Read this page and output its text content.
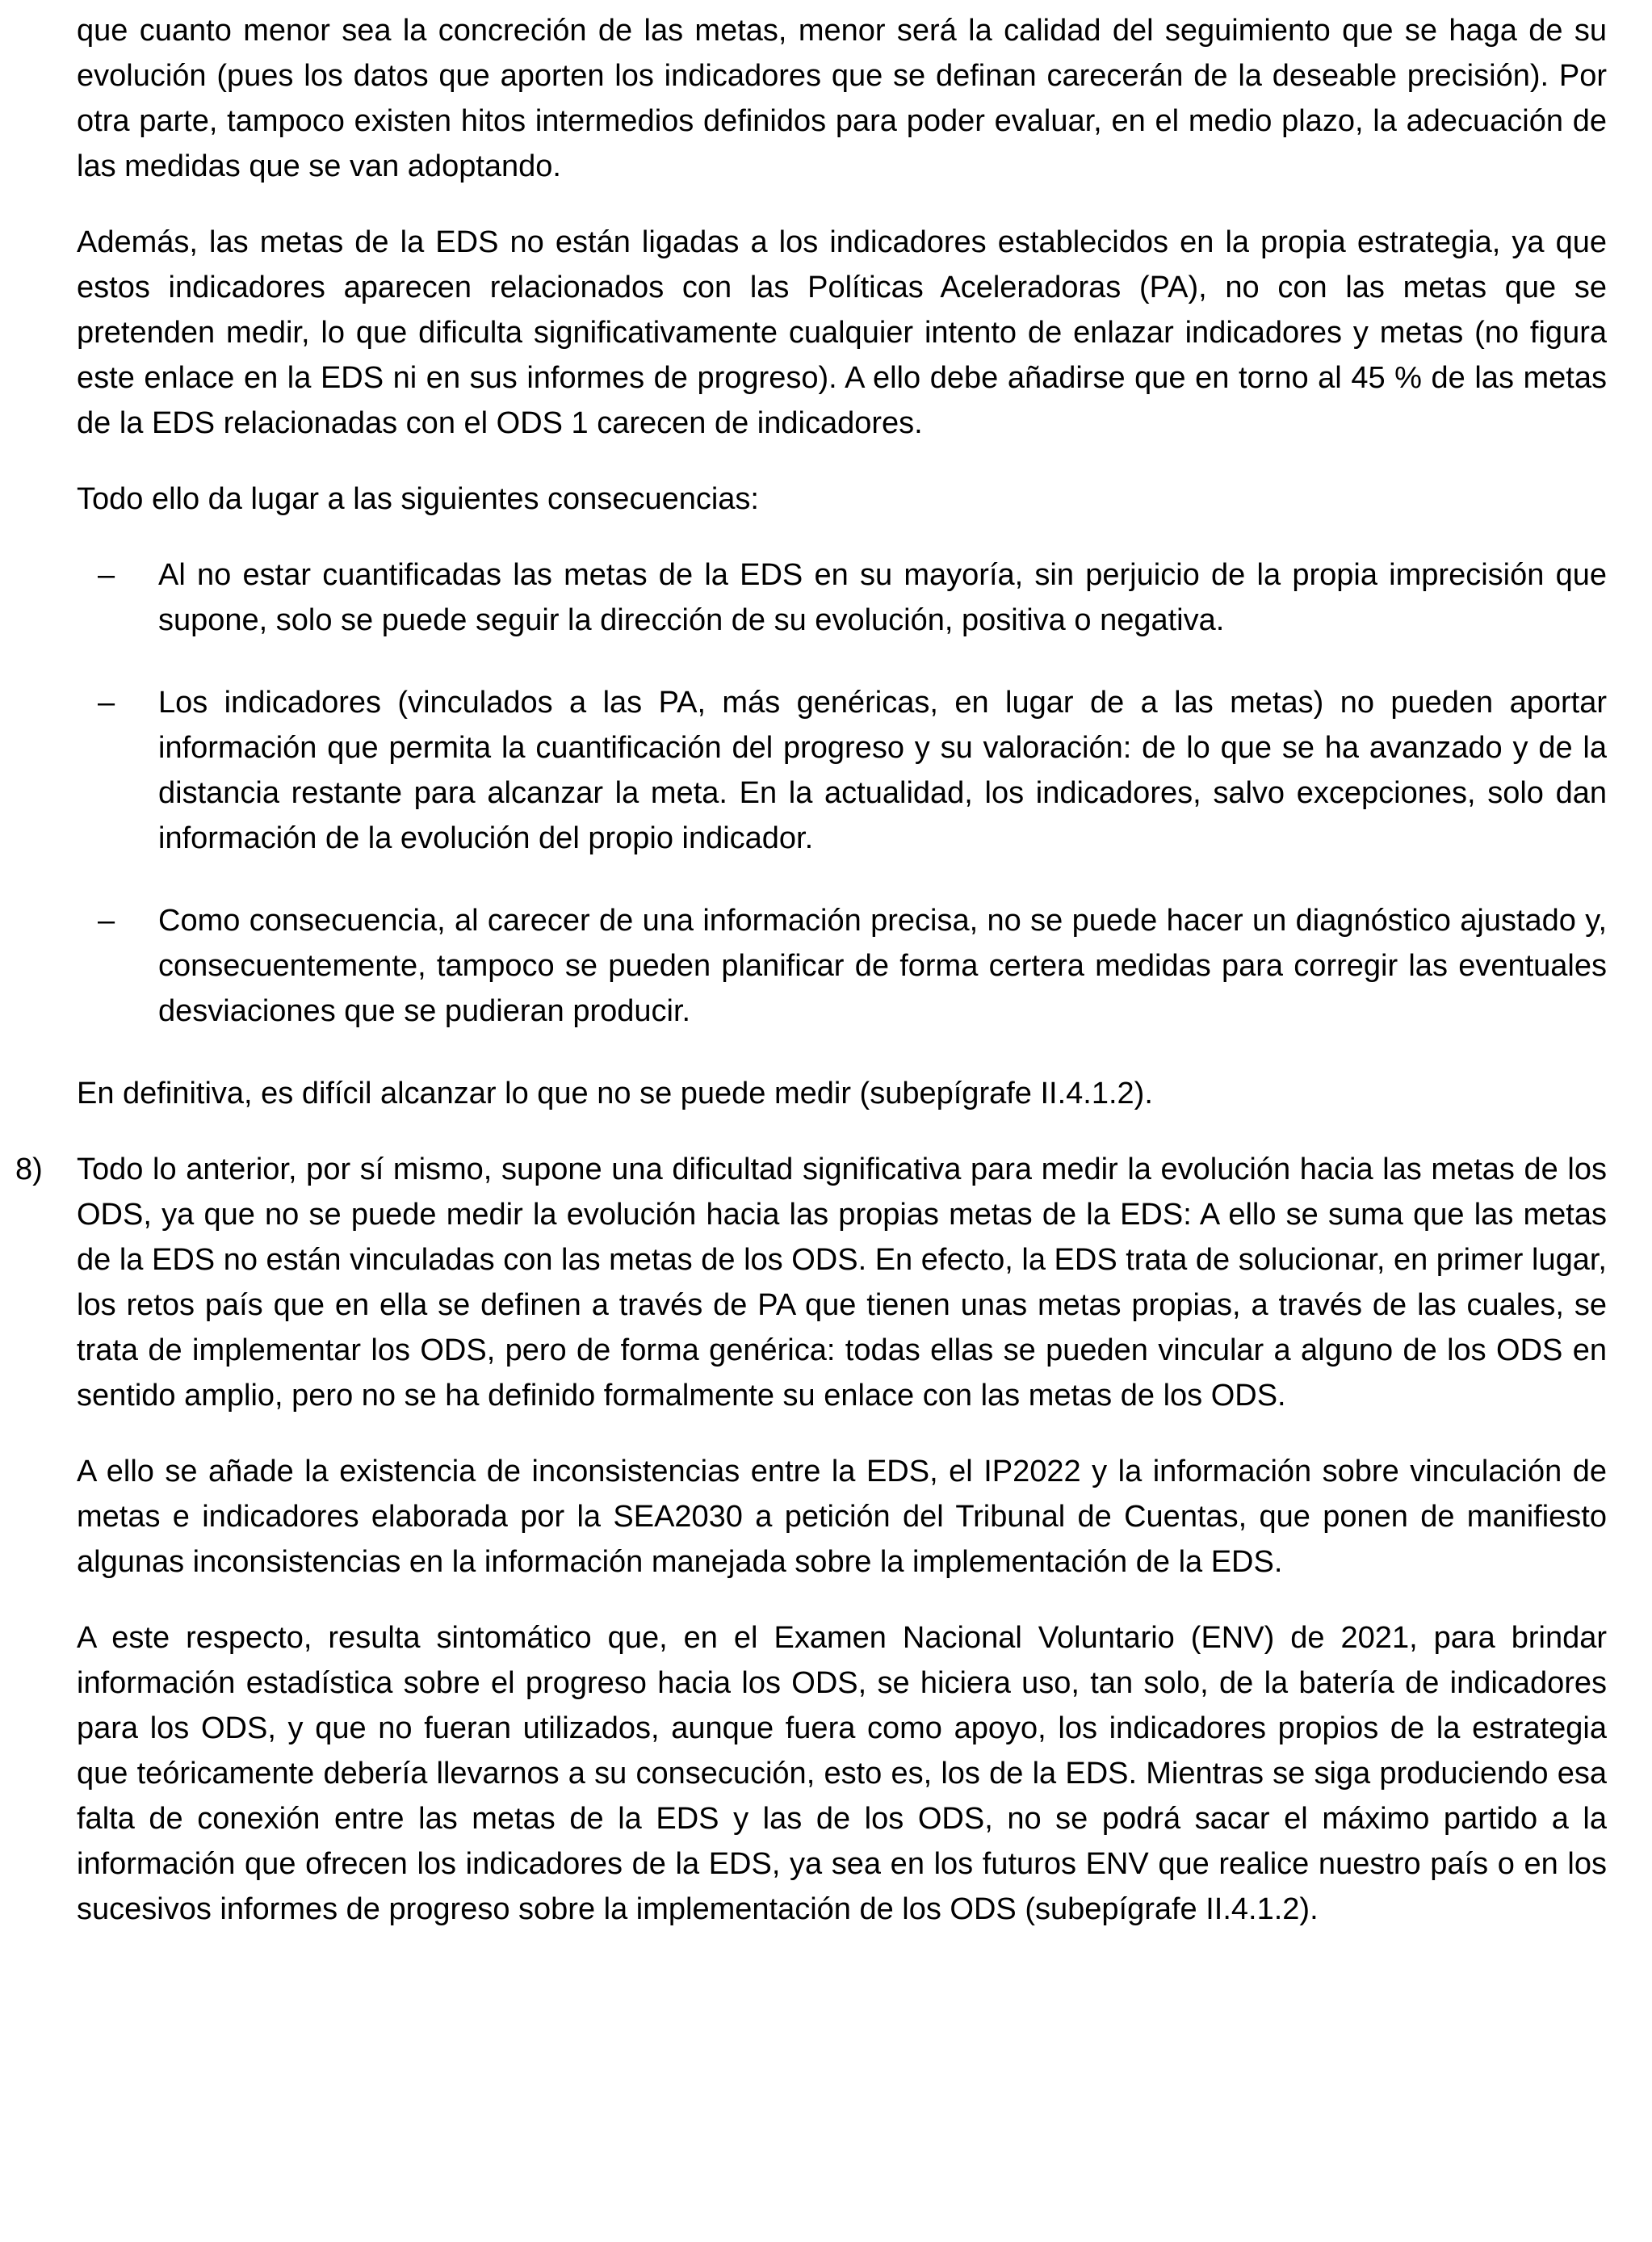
que cuanto menor sea la concreción de las metas, menor será la calidad del seguimiento que se haga de su evolución (pues los datos que aporten los indicadores que se definan carecerán de la deseable precisión). Por otra parte, tampoco existen hitos intermedios definidos para poder evaluar, en el medio plazo, la adecuación de las medidas que se van adoptando.

Además, las metas de la EDS no están ligadas a los indicadores establecidos en la propia estrategia, ya que estos indicadores aparecen relacionados con las Políticas Aceleradoras (PA), no con las metas que se pretenden medir, lo que dificulta significativamente cualquier intento de enlazar indicadores y metas (no figura este enlace en la EDS ni en sus informes de progreso). A ello debe añadirse que en torno al 45 % de las metas de la EDS relacionadas con el ODS 1 carecen de indicadores.

Todo ello da lugar a las siguientes consecuencias:

– Al no estar cuantificadas las metas de la EDS en su mayoría, sin perjuicio de la propia imprecisión que supone, solo se puede seguir la dirección de su evolución, positiva o negativa.
– Los indicadores (vinculados a las PA, más genéricas, en lugar de a las metas) no pueden aportar información que permita la cuantificación del progreso y su valoración: de lo que se ha avanzado y de la distancia restante para alcanzar la meta. En la actualidad, los indicadores, salvo excepciones, solo dan información de la evolución del propio indicador.
– Como consecuencia, al carecer de una información precisa, no se puede hacer un diagnóstico ajustado y, consecuentemente, tampoco se pueden planificar de forma certera medidas para corregir las eventuales desviaciones que se pudieran producir.

En definitiva, es difícil alcanzar lo que no se puede medir (subepígrafe II.4.1.2).

8) Todo lo anterior, por sí mismo, supone una dificultad significativa para medir la evolución hacia las metas de los ODS, ya que no se puede medir la evolución hacia las propias metas de la EDS: A ello se suma que las metas de la EDS no están vinculadas con las metas de los ODS. En efecto, la EDS trata de solucionar, en primer lugar, los retos país que en ella se definen a través de PA que tienen unas metas propias, a través de las cuales, se trata de implementar los ODS, pero de forma genérica: todas ellas se pueden vincular a alguno de los ODS en sentido amplio, pero no se ha definido formalmente su enlace con las metas de los ODS.

A ello se añade la existencia de inconsistencias entre la EDS, el IP2022 y la información sobre vinculación de metas e indicadores elaborada por la SEA2030 a petición del Tribunal de Cuentas, que ponen de manifiesto algunas inconsistencias en la información manejada sobre la implementación de la EDS.

A este respecto, resulta sintomático que, en el Examen Nacional Voluntario (ENV) de 2021, para brindar información estadística sobre el progreso hacia los ODS, se hiciera uso, tan solo, de la batería de indicadores para los ODS, y que no fueran utilizados, aunque fuera como apoyo, los indicadores propios de la estrategia que teóricamente debería llevarnos a su consecución, esto es, los de la EDS. Mientras se siga produciendo esa falta de conexión entre las metas de la EDS y las de los ODS, no se podrá sacar el máximo partido a la información que ofrecen los indicadores de la EDS, ya sea en los futuros ENV que realice nuestro país o en los sucesivos informes de progreso sobre la implementación de los ODS (subepígrafe II.4.1.2).
